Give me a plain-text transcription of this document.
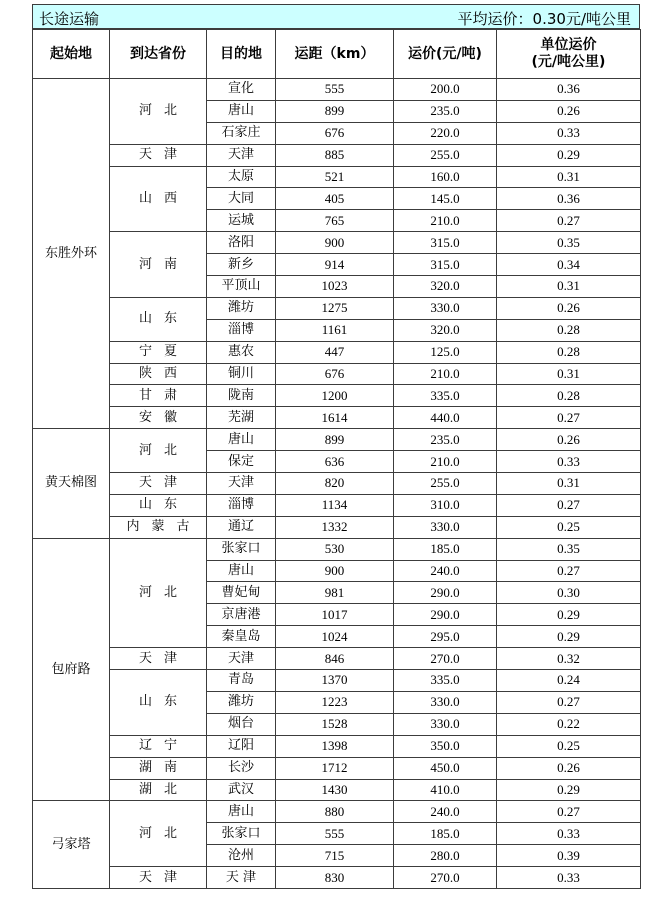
长途运输	平均运价：0.30元/吨公里
起始地	到达省份	目的地	运距（km）	运价(元/吨)	单位运价
(元/吨公里)
东胜外环	河北	宣化	555	200.0	0.36
		唐山	899	235.0	0.26
		石家庄	676	220.0	0.33
	天津	天津	885	255.0	0.29
	山西	太原	521	160.0	0.31
		大同	405	145.0	0.36
		运城	765	210.0	0.27
	河南	洛阳	900	315.0	0.35
		新乡	914	315.0	0.34
		平顶山	1023	320.0	0.31
	山东	潍坊	1275	330.0	0.26
		淄博	1161	320.0	0.28
	宁夏	惠农	447	125.0	0.28
	陕西	铜川	676	210.0	0.31
	甘肃	陇南	1200	335.0	0.28
	安徽	芜湖	1614	440.0	0.27
黄天棉图	河北	唐山	899	235.0	0.26
		保定	636	210.0	0.33
	天津	天津	820	255.0	0.31
	山东	淄博	1134	310.0	0.27
	内蒙古	通辽	1332	330.0	0.25
包府路	河北	张家口	530	185.0	0.35
		唐山	900	240.0	0.27
		曹妃甸	981	290.0	0.30
		京唐港	1017	290.0	0.29
		秦皇岛	1024	295.0	0.29
	天津	天津	846	270.0	0.32
	山东	青岛	1370	335.0	0.24
		潍坊	1223	330.0	0.27
		烟台	1528	330.0	0.22
	辽宁	辽阳	1398	350.0	0.25
	湖南	长沙	1712	450.0	0.26
	湖北	武汉	1430	410.0	0.29
弓家塔	河北	唐山	880	240.0	0.27
		张家口	555	185.0	0.33
		沧州	715	280.0	0.39
	天津	天 津	830	270.0	0.33
